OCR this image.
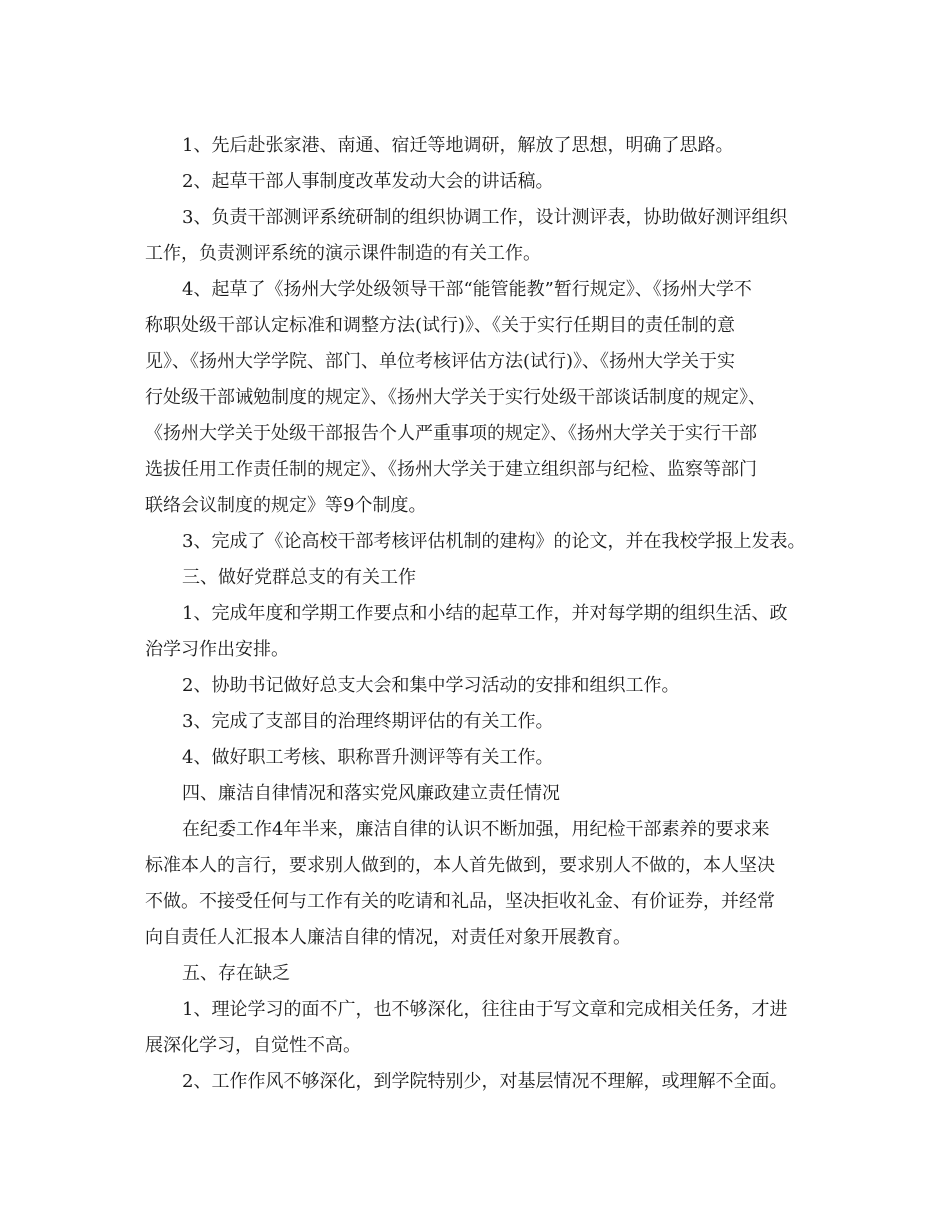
1、先后赴张家港、南通、宿迁等地调研，解放了思想，明确了思路。

2、起草干部人事制度改革发动大会的讲话稿。

3、负责干部测评系统研制的组织协调工作，设计测评表，协助做好测评组织
工作，负责测评系统的演示课件制造的有关工作。

4、起草了《扬州大学处级领导干部“能管能教”暂行规定》、《扬州大学不
称职处级干部认定标准和调整方法(试行)》、《关于实行任期目的责任制的意
见》、《扬州大学学院、部门、单位考核评估方法(试行)》、《扬州大学关于实
行处级干部诫勉制度的规定》、《扬州大学关于实行处级干部谈话制度的规定》、
《扬州大学关于处级干部报告个人严重事项的规定》、《扬州大学关于实行干部
选拔任用工作责任制的规定》、《扬州大学关于建立组织部与纪检、监察等部门
联络会议制度的规定》等9个制度。

3、完成了《论高校干部考核评估机制的建构》的论文，并在我校学报上发表。

三、做好党群总支的有关工作

1、完成年度和学期工作要点和小结的起草工作，并对每学期的组织生活、政
治学习作出安排。

2、协助书记做好总支大会和集中学习活动的安排和组织工作。

3、完成了支部目的治理终期评估的有关工作。

4、做好职工考核、职称晋升测评等有关工作。

四、廉洁自律情况和落实党风廉政建立责任情况

在纪委工作4年半来，廉洁自律的认识不断加强，用纪检干部素养的要求来
标准本人的言行，要求别人做到的，本人首先做到，要求别人不做的，本人坚决
不做。不接受任何与工作有关的吃请和礼品，坚决拒收礼金、有价证券，并经常
向自责任人汇报本人廉洁自律的情况，对责任对象开展教育。

五、存在缺乏

1、理论学习的面不广，也不够深化，往往由于写文章和完成相关任务，才进
展深化学习，自觉性不高。

2、工作作风不够深化，到学院特别少，对基层情况不理解，或理解不全面。
